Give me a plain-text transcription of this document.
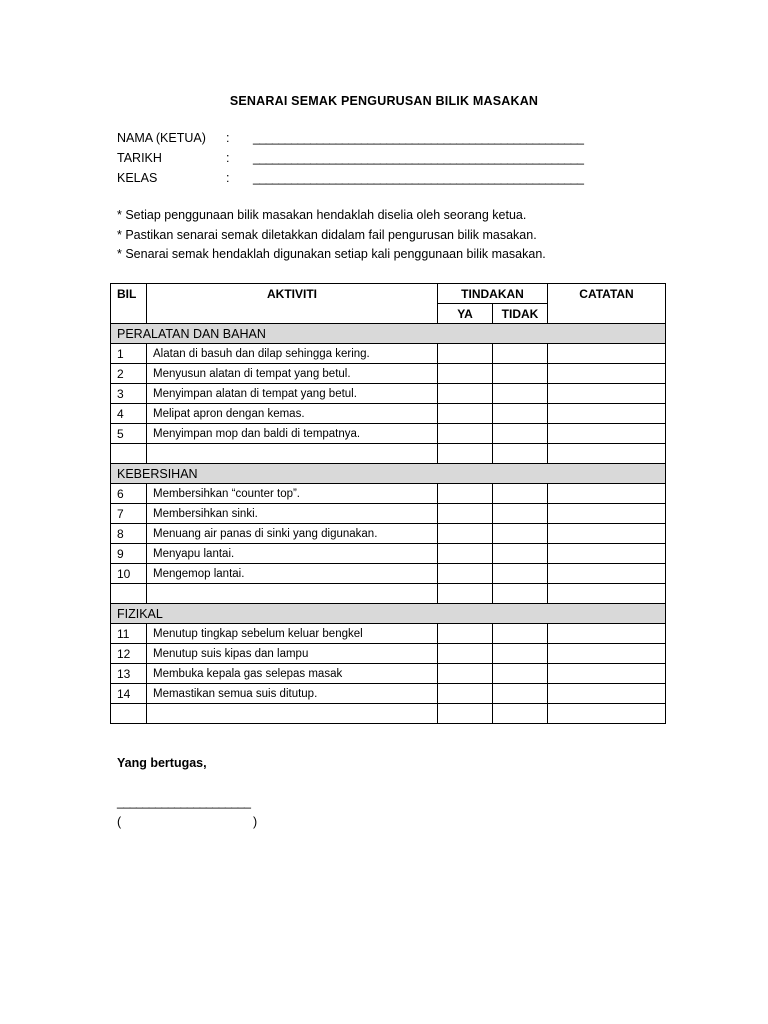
SENARAI SEMAK PENGURUSAN BILIK MASAKAN
NAMA (KETUA) : ____________________________________________________
TARIKH	: ____________________________________________________
KELAS	: ____________________________________________________
* Setiap penggunaan bilik masakan hendaklah diselia oleh seorang ketua.
* Pastikan senarai semak diletakkan didalam fail pengurusan bilik masakan.
* Senarai semak hendaklah digunakan setiap kali penggunaan bilik masakan.
BIL	AKTIVITI	TINDAKAN		CATATAN
		YA	TIDAK	
PERALATAN DAN BAHAN				
1	Alatan di basuh dan dilap sehingga kering.			
2	Menyusun alatan di tempat yang betul.			
3	Menyimpan alatan di tempat yang betul.			
4	Melipat apron dengan kemas.			
5	Menyimpan mop dan baldi di tempatnya.			

KEBERSIHAN				
6	Membersihkan “counter top”.			
7	Membersihkan sinki.			
8	Menuang air panas di sinki yang digunakan.			
9	Menyapu lantai.			
10	Mengemop lantai.			

FIZIKAL				
11	Menutup tingkap sebelum keluar bengkel			
12	Menutup suis kipas dan lampu			
13	Membuka kepala gas selepas masak			
14	Memastikan semua suis ditutup.			

Yang bertugas,
_____________________
(	)
